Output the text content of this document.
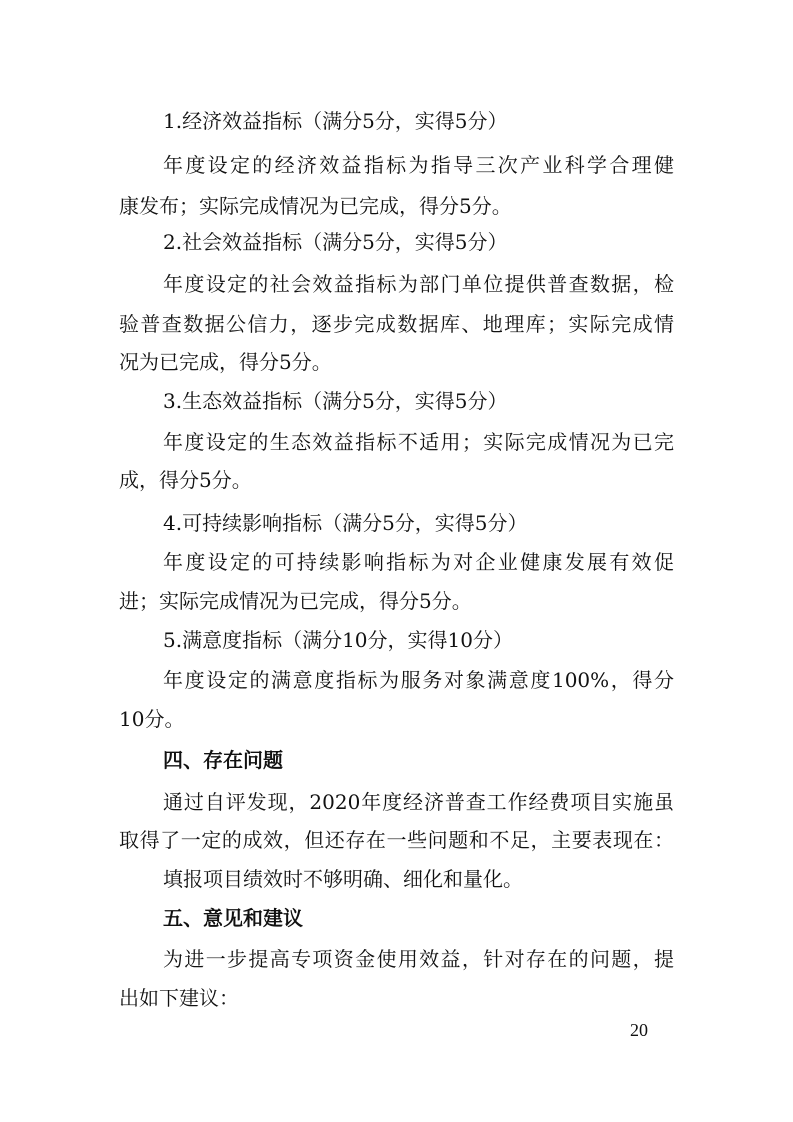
1.经济效益指标（满分5分，实得5分）
年度设定的经济效益指标为指导三次产业科学合理健
康发布；实际完成情况为已完成，得分5分。
2.社会效益指标（满分5分，实得5分）
年度设定的社会效益指标为部门单位提供普查数据，检
验普查数据公信力，逐步完成数据库、地理库；实际完成情
况为已完成，得分5分。
3.生态效益指标（满分5分，实得5分）
年度设定的生态效益指标不适用；实际完成情况为已完
成，得分5分。
4.可持续影响指标（满分5分，实得5分）
年度设定的可持续影响指标为对企业健康发展有效促
进；实际完成情况为已完成，得分5分。
5.满意度指标（满分10分，实得10分）
年度设定的满意度指标为服务对象满意度100%，得分
10分。
四、存在问题
通过自评发现，2020年度经济普查工作经费项目实施虽
取得了一定的成效，但还存在一些问题和不足，主要表现在：
填报项目绩效时不够明确、细化和量化。
五、意见和建议
为进一步提高专项资金使用效益，针对存在的问题，提
出如下建议：
20
